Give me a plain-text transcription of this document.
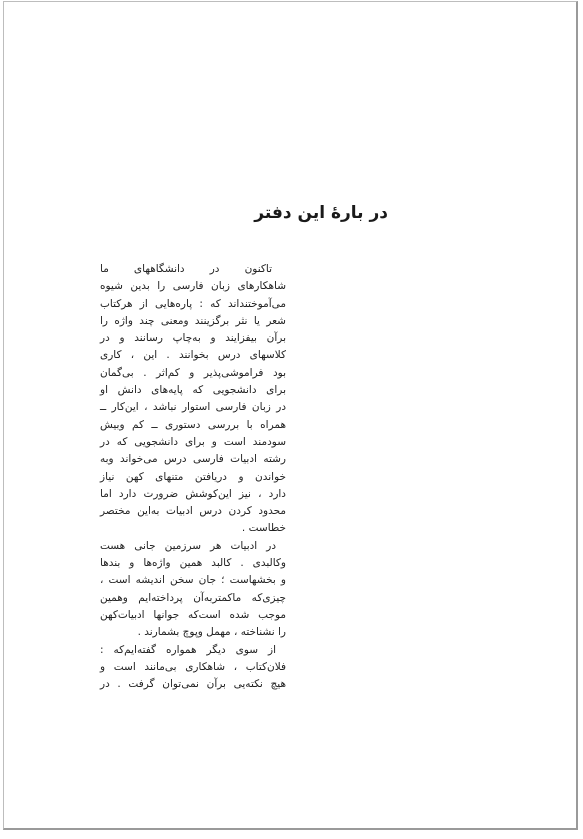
در بارهٔ این دفتر
تاکنون در دانشگاههای ما
شاهکارهای زبان فارسی را بدین شیوه
می‌آموختنداند که : پاره‌هایی از هرکتاب
شعر یا نثر برگزینند ومعنی چند واژه را
برآن بیفزایند و به‌چاپ رسانند و در
کلاسهای درس بخوانند . این ، کاری
بود فراموشی‌پذیر و کم‌اثر . بی‌گمان
برای دانشجویی که پایه‌های دانش او
در زبان فارسی استوار نباشد ، این‌کار ــ
همراه با بررسی دستوری ــ کم وبیش
سودمند است و برای دانشجویی که در
رشته ادبیات فارسی درس می‌خواند وبه
خواندن و دریافتن متنهای کهن نیاز
دارد ، نیز این‌کوشش ضرورت دارد اما
محدود کردن درس ادبیات به‌این مختصر
خطاست .
در ادبیات هر سرزمین جانی هست
وکالبدی . کالبد همین واژه‌ها و بندها
و بخشهاست ؛ جان سخن اندیشه است ،
چیزی‌که ماکمتربه‌آن پرداخته‌ایم وهمین
موجب شده است‌که جوانها ادبیات‌کهن
را نشناخته ، مهمل وپوچ بشمارند .
از سوی دیگر همواره گفته‌ایم‌که :
فلان‌کتاب ، شاهکاری بی‌مانند است و
هیچ نکته‌یی برآن نمی‌توان گرفت . در
